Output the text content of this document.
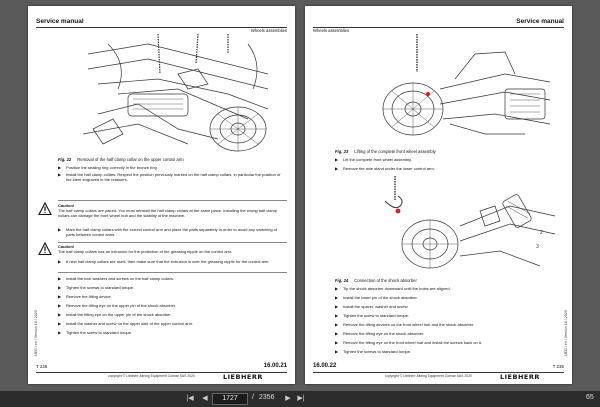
Service manual
Wheels assemblies
Fig. 22 Removal of the half clamp collar on the upper control arm
▶ Position the sealing ring correctly in the bronze ring.
▶ Install the half clamp collars. Respect the position previously marked on the half clamp collars, in particular the position of the ident engraved in the retainers.
Caution!
The half clamp collars are paired. You must reinstall the half clamp collars at the same place. Installing the wrong half clamp collars can damage the front wheel hub and the stability of the machine.
▶ Mark the half clamp collars with the correct control arm and place the parts separately in order to avoid any switching of parts between control arms.
Caution!
The half clamp collars has an extrusion for the protection of the greasing nipple on the control arm.
▶ If new half clamp collars are used, then make sure that the extrusion is over the greasing nipple for the control arm.
▶ Install the lock washers and screws on the half clamp collars.
▶ Tighten the screws to standard torque.
▶ Remove the lifting device.
▶ Remove the lifting eye on the upper pin of the shock absorber.
▶ Install the lifting eye on the upper pin of the shock absorber.
▶ Install the washer and screw on the upper side of the upper control arm.
▶ Tighten the screw to standard torque.
UEG / en / Version 16 / 2020
T 236	16.00.21
copyright © Liebherr-Mining Equipment Colmar SAS 2020	LIEBHERR
Service manual
Wheels assemblies
Fig. 23 Lifting of the complete front wheel assembly
▶ Lift the complete front wheel assembly.
▶ Remove the axle stand under the lower control arm.
2
3
Fig. 24 Connection of the shock absorber
▶ Tip the shock absorber downward until the holes are aligned.
▶ Install the lower pin of the shock absorber.
▶ Install the spacer, washer and screw.
▶ Tighten the screw to standard torque.
▶ Remove the lifting devices on the front wheel hub and the shock absorber.
▶ Remove the lifting eye on the shock absorber.
▶ Remove the lifting eye on the front wheel hub and install the screws back on it.
▶ Tighten the screws to standard torque.	UEG / en / Version 16 / 2020
16.00.22	T 236
copyright © Liebherr-Mining Equipment Colmar SAS 2020	LIEBHERR
|◀	◀	1727	/ 2356	▶ ▶|	65
